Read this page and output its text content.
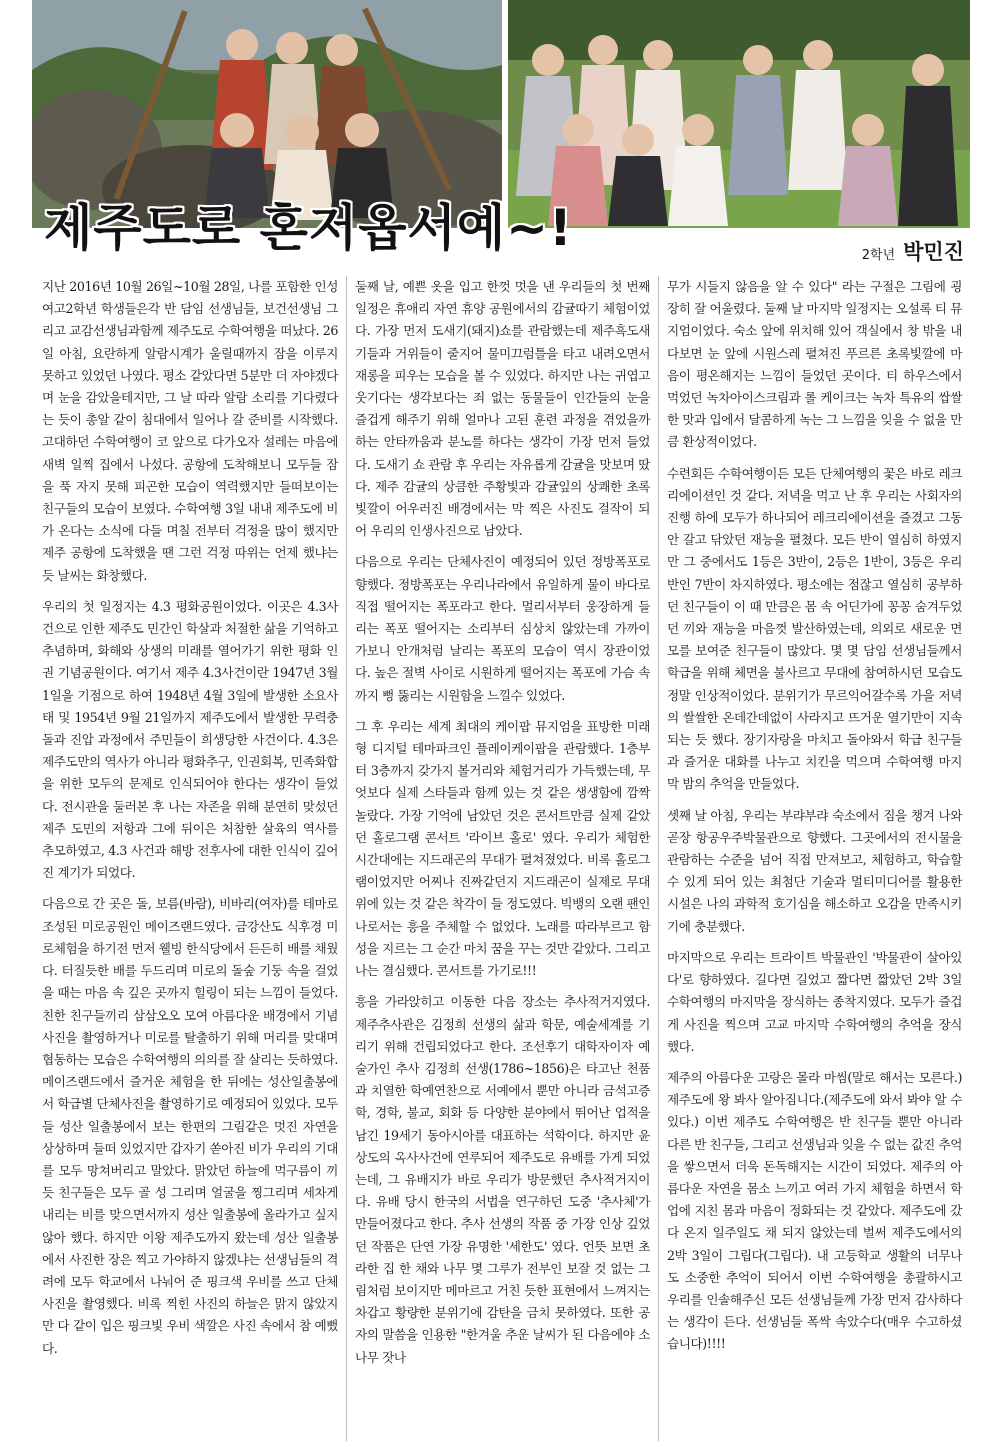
제주도로 혼저옵서예~!	2학년 박민진

지난 2016년 10월 26일~10월 28일, 나를 포함한 인성여고2학년 학생들은각 반 담임 선생님들, 보건선생님 그리고 교감선생님과함께 제주도로 수학여행을 떠났다. 26일 아침, 요란하게 알람시계가 울릴때까지 잠을 이루지 못하고 있었던 나였다. 평소 같았다면 5분만 더 자야겠다며 눈을 감았을테지만, 그 날 따라 알람 소리를 기다렸다는 듯이 총알 같이 침대에서 일어나 갈 준비를 시작했다. 고대하던 수학여행이 코 앞으로 다가오자 설레는 마음에 새벽 일찍 집에서 나섰다. 공항에 도착해보니 모두들 잠을 푹 자지 못해 피곤한 모습이 역력했지만 들떠보이는 친구들의 모습이 보였다. 수학여행 3일 내내 제주도에 비가 온다는 소식에 다들 며칠 전부터 걱정을 많이 했지만 제주 공항에 도착했을 땐 그런 걱정 따위는 언제 했냐는 듯 날씨는 화창했다.

우리의 첫 일정지는 4.3 평화공원이었다. 이곳은 4.3사건으로 인한 제주도 민간인 학살과 처절한 삶을 기억하고 추념하며, 화해와 상생의 미래를 열어가기 위한 평화 인권 기념공원이다. 여기서 제주 4.3사건이란 1947년 3월 1일을 기점으로 하여 1948년 4월 3일에 발생한 소요사태 및 1954년 9월 21일까지 제주도에서 발생한 무력충돌과 진압 과정에서 주민들이 희생당한 사건이다. 4.3은 제주도만의 역사가 아니라 평화추구, 인권회복, 민족화합을 위한 모두의 문제로 인식되어야 한다는 생각이 들었다. 전시관을 둘러본 후 나는 자존을 위해 분연히 맞섰던 제주 도민의 저항과 그에 뒤이은 처참한 살육의 역사를 추모하였고, 4.3 사건과 해방 전후사에 대한 인식이 깊어진 계기가 되었다.

다음으로 간 곳은 돌, 보름(바람), 비바리(여자)를 테마로 조성된 미로공원인 메이즈랜드였다. 금강산도 식후경 미로체험을 하기전 먼저 웰빙 한식당에서 든든히 배를 채웠다. 터질듯한 배를 두드리며 미로의 돌숲 기둥 속을 걸었을 때는 마음 속 깊은 곳까지 힐링이 되는 느낌이 들었다. 친한 친구들끼리 삼삼오오 모여 아름다운 배경에서 기념사진을 촬영하거나 미로를 탈출하기 위해 머리를 맞대며 협동하는 모습은 수학여행의 의의를 잘 살리는 듯하였다. 메이즈랜드에서 즐거운 체험을 한 뒤에는 성산일출봉에서 학급별 단체사진을 촬영하기로 예정되어 있었다. 모두들 성산 일출봉에서 보는 한편의 그림같은 멋진 자연을 상상하며 들떠 있었지만 갑자기 쏟아진 비가 우리의 기대를 모두 망쳐버리고 말았다. 맑았던 하늘에 먹구름이 끼듯 친구들은 모두 골 성 그리며 얼굴을 찡그리며 세차게 내리는 비를 맞으면서까지 성산 일출봉에 올라가고 싶지 않아 했다. 하지만 이왕 제주도까지 왔는데 성산 일출봉에서 사진한 장은 찍고 가야하지 않겠냐는 선생님들의 격려에 모두 학교에서 나눠어 준 핑크색 우비를 쓰고 단체사진을 촬영했다. 비록 찍힌 사진의 하늘은 맑지 않았지만 다 같이 입은 핑크빛 우비 색깔은 사진 속에서 참 예뻤다.

둘째 날, 예쁜 옷을 입고 한껏 멋을 낸 우리들의 첫 번째 일정은 휴애리 자연 휴양 공원에서의 감귤따기 체험이었다. 가장 먼저 도새기(돼지)쇼를 관람했는데 제주흑도새기들과 거위들이 줄지어 물미끄럼틀을 타고 내려오면서 재롱을 피우는 모습을 볼 수 있었다. 하지만 나는 귀엽고 웃기다는 생각보다는 죄 없는 동물들이 인간들의 눈을 즐겁게 해주기 위해 얼마나 고된 훈련 과정을 겪었을까 하는 안타까움과 분노를 하다는 생각이 가장 먼저 들었다. 도새기 쇼 관람 후 우리는 자유롭게 감귤을 맛보며 땄다. 제주 감귤의 상큼한 주황빛과 감귤잎의 상쾌한 초록빛깔이 어우러진 배경에서는 막 찍은 사진도 걸작이 되어 우리의 인생사진으로 남았다.

다음으로 우리는 단체사진이 예정되어 있던 정방폭포로 향했다. 정방폭포는 우리나라에서 유일하게 물이 바다로 직접 떨어지는 폭포라고 한다. 멀리서부터 웅장하게 들리는 폭포 떨어지는 소리부터 심상치 않았는데 가까이 가보니 안개처럼 날리는 폭포의 모습이 역시 장관이었다. 높은 절벽 사이로 시원하게 떨어지는 폭포에 가슴 속까지 뻥 뚫리는 시원함을 느낄수 있었다.

그 후 우리는 세계 최대의 케이팝 뮤지엄을 표방한 미래형 디지털 테마파크인 플레이케이팝을 관람했다. 1층부터 3층까지 갖가지 볼거리와 체험거리가 가득했는데, 무엇보다 실제 스타들과 함께 있는 것 같은 생생함에 깜짝 놀랐다. 가장 기억에 남았던 것은 콘서트만큼 실제 같았던 홀로그램 콘서트 '라이브 홀로' 였다. 우리가 체험한 시간대에는 지드래곤의 무대가 펼쳐졌었다. 비록 홀로그램이었지만 어찌나 진짜같던지 지드래곤이 실제로 무대 위에 있는 것 같은 착각이 들 정도였다. 빅뱅의 오랜 팬인 나로서는 흥을 주체할 수 없었다. 노래를 따라부르고 함성을 지르는 그 순간 마치 꿈을 꾸는 것만 같았다. 그리고 나는 결심했다. 콘서트를 가기로!!!

흥을 가라앉히고 이동한 다음 장소는 추사적거지였다. 제주추사관은 김정희 선생의 삶과 학문, 예술세계를 기리기 위해 건립되었다고 한다. 조선후기 대학자이자 예술가인 추사 김정희 선생(1786~1856)은 타고난 천품과 치열한 학예연찬으로 서예에서 뿐만 아니라 금석고증학, 경학, 불교, 회화 등 다양한 분야에서 뛰어난 업적을 남긴 19세기 동아시아를 대표하는 석학이다. 하지만 윤상도의 옥사사건에 연루되어 제주도로 유배를 가게 되었는데, 그 유배지가 바로 우리가 방문했던 추사적거지이다. 유배 당시 한국의 서법을 연구하던 도중 '추사체'가 만들어졌다고 한다. 추사 선생의 작품 중 가장 인상 깊었던 작품은 단연 가장 유명한 '세한도' 였다. 언뜻 보면 초라한 집 한 채와 나무 몇 그루가 전부인 보잘 것 없는 그림처럼 보이지만 메마르고 거친 듯한 표현에서 느껴지는 차갑고 황량한 분위기에 감탄을 금치 못하였다. 또한 공자의 말씀을 인용한 "한겨울 추운 날씨가 된 다음에야 소나무 잣나

무가 시들지 않음을 알 수 있다" 라는 구절은 그림에 굉장히 잘 어울렸다. 둘째 날 마지막 일정지는 오설록 티 뮤지엄이었다. 숙소 앞에 위치해 있어 객실에서 창 밖을 내다보면 눈 앞에 시원스레 펼쳐진 푸르른 초록빛깔에 마음이 평온해지는 느낌이 들었던 곳이다. 티 하우스에서 먹었던 녹차아이스크림과 롤 케이크는 녹차 특유의 쌉쌀한 맛과 입에서 달콤하게 녹는 그 느낌을 잊을 수 없을 만큼 환상적이었다.

수련회든 수학여행이든 모든 단체여행의 꽃은 바로 레크리에이션인 것 같다. 저녁을 먹고 난 후 우리는 사회자의 진행 하에 모두가 하나되어 레크리에이션을 즐겼고 그동안 갈고 닦았던 재능을 펼쳤다. 모든 반이 열심히 하였지만 그 중에서도 1등은 3반이, 2등은 1반이, 3등은 우리 반인 7반이 차지하였다. 평소에는 점잖고 열심히 공부하던 친구들이 이 때 만큼은 몸 속 어딘가에 꽁꽁 숨겨두었던 끼와 재능을 마음껏 발산하였는데, 의외로 새로운 면모를 보여준 친구들이 많았다. 몇 몇 담임 선생님들께서 학급을 위해 체면을 불사르고 무대에 참여하시던 모습도 정말 인상적이었다. 분위기가 무르익어갈수록 가을 저녁의 쌀쌀한 온데간데없이 사라지고 뜨거운 열기만이 지속되는 듯 했다. 장기자랑을 마치고 돌아와서 학급 친구들과 즐거운 대화를 나누고 치킨을 먹으며 수학여행 마지막 밤의 추억을 만들었다.

셋째 날 아침, 우리는 부랴부랴 숙소에서 짐을 챙겨 나와 곧장 항공우주박물관으로 향했다. 그곳에서의 전시물을 관람하는 수준을 넘어 직접 만져보고, 체험하고, 학습할 수 있게 되어 있는 최첨단 기술과 멀티미디어를 활용한 시설은 나의 과학적 호기심을 해소하고 오감을 만족시키기에 충분했다.

마지막으로 우리는 트라이트 박물관인 '박물관이 살아있다'로 향하였다. 길다면 길었고 짧다면 짧았던 2박 3일 수학여행의 마지막을 장식하는 종착지였다. 모두가 즐겁게 사진을 찍으며 고교 마지막 수학여행의 추억을 장식했다.

제주의 아름다운 고랑은 몰라 마씸(말로 해서는 모른다.) 제주도에 왕 봐사 알아짐니다.(제주도에 와서 봐야 알 수 있다.) 이번 제주도 수학여행은 반 친구들 뿐만 아니라 다른 반 친구들, 그리고 선생님과 잊을 수 없는 값진 추억을 쌓으면서 더욱 돈독해지는 시간이 되었다. 제주의 아름다운 자연을 몸소 느끼고 여러 가지 체험을 하면서 학업에 지친 몸과 마음이 정화되는 것 같았다. 제주도에 갔다 온지 일주일도 채 되지 않았는데 벌써 제주도에서의 2박 3일이 그립다(그립다). 내 고등학교 생활의 너무나도 소중한 추억이 되어서 이번 수학여행을 총괄하시고 우리를 인솔해주신 모든 선생님들께 가장 먼저 감사하다는 생각이 든다. 선생님들 폭싹 속았수다(매우 수고하셨습니다)!!!!
